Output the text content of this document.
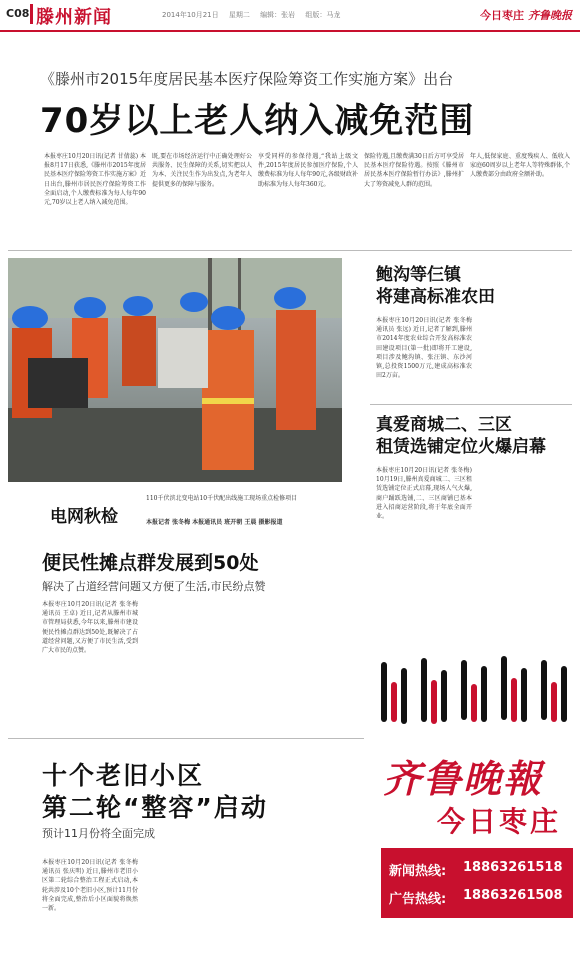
C08 滕州新闻	2014年10月21日 星期二 编辑：张岩 组版：马龙	今日枣庄 齐鲁晚报
《滕州市2015年度居民基本医疗保险筹资工作实施方案》出台
70岁以上老人纳入减免范围
本报枣庄10月20日讯(记者 甘倩蕊) 本报8月17日获悉,《滕州市2015年度居民基本医疗保险筹资工作实施方案》近日出台,滕州市居民医疗保险筹资工作全面启动,个人缴费标准为每人每年90元,70岁以上老人纳入减免范围。
既,要在市场经济运行中正确处理好公共服务、民生保障的关系,切实把以人为本、关注民生作为出发点,为老年人提供更多的保障与服务。
享受同样的参保待遇,“我站上级文件,2015年度居民参加医疗保险,个人缴费标准为每人每年90元,各级财政补助标准为每人每年360元。
保险待遇,且缴费满30日后方可享受居民基本医疗保险待遇。按照《滕州市居民基本医疗保险暂行办法》,滕州扩大了筹资减免人群的范围。
年人,低保家庭、重度残疾人、低收入家庭60周岁以上老年人等特殊群体,个人缴费部分由政府全额补助。
电网秋检
110千伏滨北变电站10千伏配出线施工现场重点检修项目
本报记者 张冬梅 本报通讯员 班开朝 王晨 摄影报道
鲍沟等仨镇
将建高标准农田
本报枣庄10月20日讯(记者 张冬梅 通讯员 张远) 近日,记者了解到,滕州市2014年度农业综合开发高标准农田建设项目(第一批)即将开工建设,项目涉及鲍沟镇、张汪镇、东沙河镇,总投资1500万元,建成高标准农田2万亩。
真爱商城二、三区
租赁选铺定位火爆启幕
本报枣庄10月20日讯(记者 张冬梅) 10月19日,滕州真爱商城二、三区租赁选铺定位正式启幕,现场人气火爆,商户踊跃选铺,二、三区商铺已基本进入招商运营阶段,将于年底全面开业。
便民性摊点群发展到50处
解决了占道经营问题又方便了生活,市民纷点赞
本报枣庄10月20日讯(记者 张冬梅 通讯员 王卓) 近日,记者从滕州市城市管理局获悉,今年以来,滕州市建设便民性摊点群达到50处,既解决了占道经营问题,又方便了市民生活,受到广大市民的点赞。
十个老旧小区
第二轮“整容”启动
预计11月份将全面完成
本报枣庄10月20日讯(记者 张冬梅 通讯员 张庆明) 近日,滕州市老旧小区第二轮综合整治工程正式启动,本轮共涉及10个老旧小区,预计11月份将全面完成,整治后小区面貌将焕然一新。
齐鲁晚報
今日枣庄
新闻热线: 18863261518
广告热线: 18863261508
